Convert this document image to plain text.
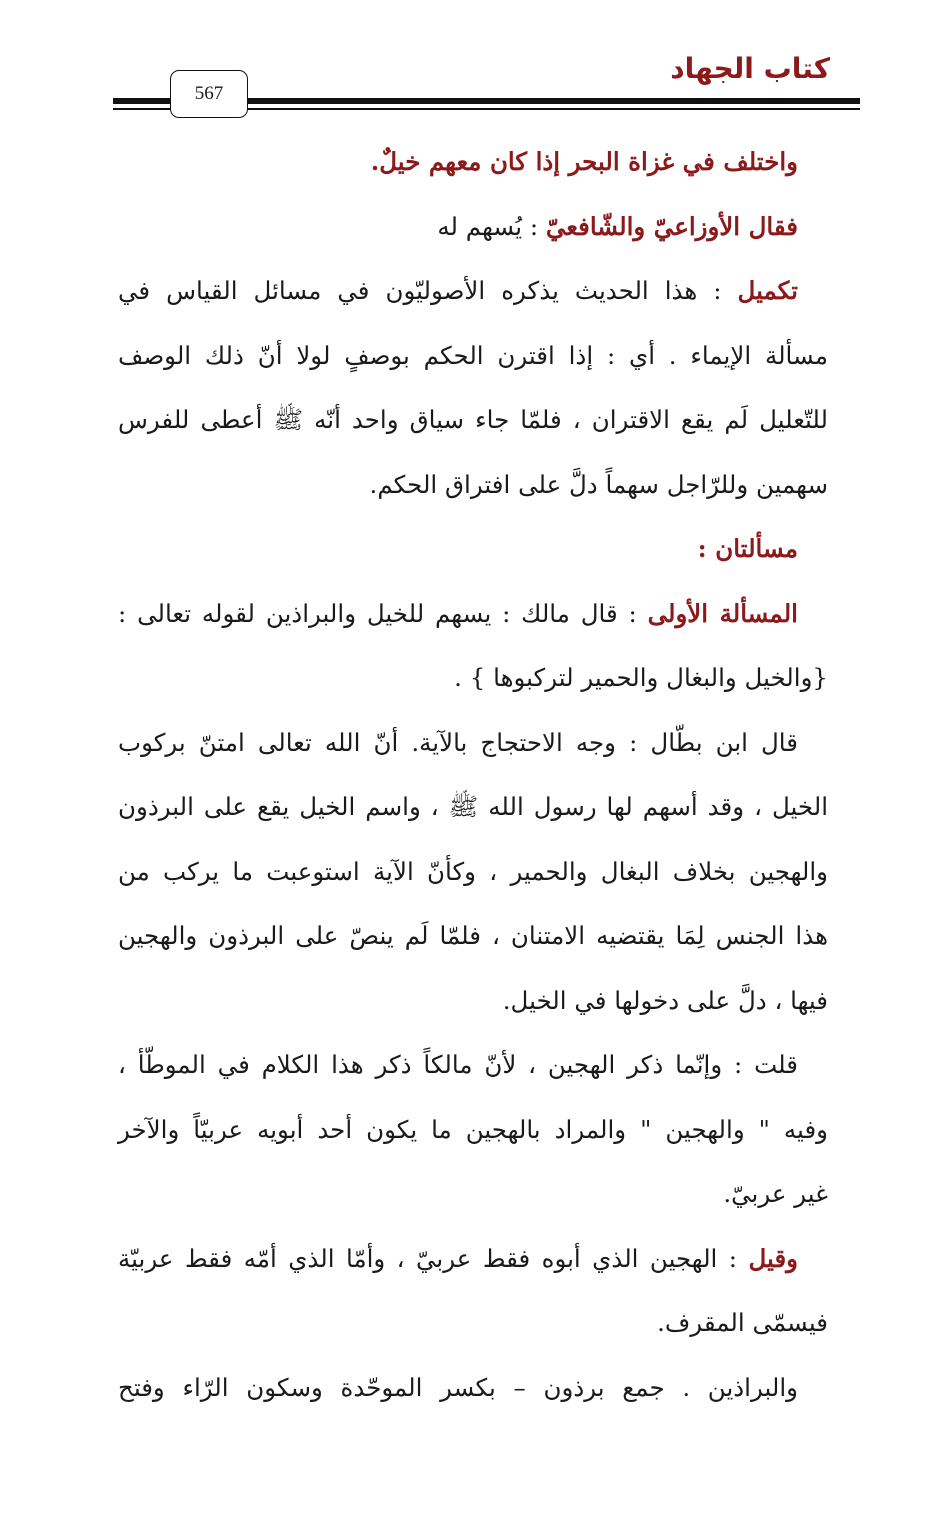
كتاب الجهاد
567
واختلف في غزاة البحر إذا كان معهم خيلٌ.
فقال الأوزاعيّ والشّافعيّ : يُسهم له
تكميل : هذا الحديث يذكره الأصوليّون في مسائل القياس في
مسألة الإيماء . أي : إذا اقترن الحكم بوصفٍ لولا أنّ ذلك الوصف
للتّعليل لَم يقع الاقتران ، فلمّا جاء سياق واحد أنّه ﷺ أعطى للفرس
سهمين وللرّاجل سهماً دلَّ على افتراق الحكم.
مسألتان :
المسألة الأولى : قال مالك : يسهم للخيل والبراذين لقوله تعالى :
{والخيل والبغال والحمير لتركبوها } .
قال ابن بطّال : وجه الاحتجاج بالآية. أنّ الله تعالى امتنّ بركوب
الخيل ، وقد أسهم لها رسول الله ﷺ ، واسم الخيل يقع على البرذون
والهجين بخلاف البغال والحمير ، وكأنّ الآية استوعبت ما يركب من
هذا الجنس لِمَا يقتضيه الامتنان ، فلمّا لَم ينصّ على البرذون والهجين
فيها ، دلَّ على دخولها في الخيل.
قلت : وإنّما ذكر الهجين ، لأنّ مالكاً ذكر هذا الكلام في الموطّأ ،
وفيه " والهجين " والمراد بالهجين ما يكون أحد أبويه عربيّاً والآخر
غير عربيّ.
وقيل : الهجين الذي أبوه فقط عربيّ ، وأمّا الذي أمّه فقط عربيّة
فيسمّى المقرف.
والبراذين . جمع برذون – بكسر الموحّدة وسكون الرّاء وفتح
